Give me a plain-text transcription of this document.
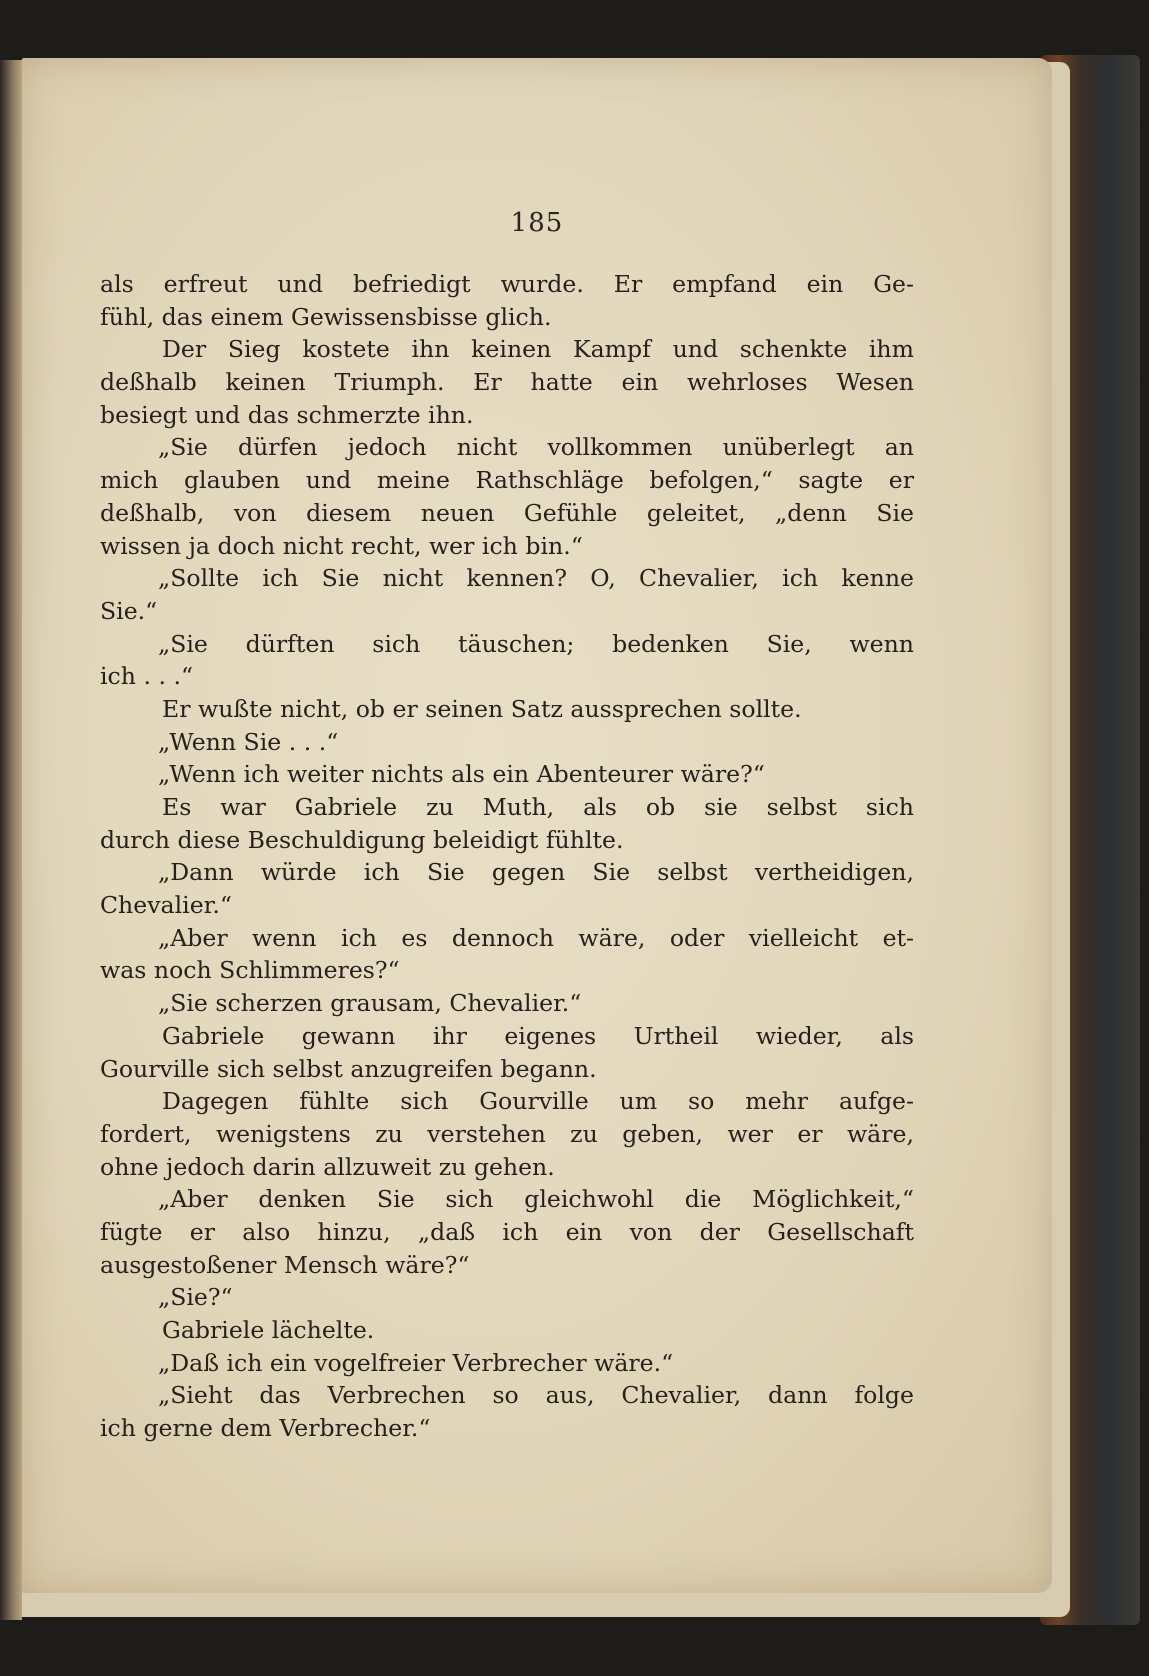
185
als erfreut und befriedigt wurde. Er empfand ein Ge-
fühl, das einem Gewissensbisse glich.
Der Sieg kostete ihn keinen Kampf und schenkte ihm
deßhalb keinen Triumph. Er hatte ein wehrloses Wesen
besiegt und das schmerzte ihn.
„Sie dürfen jedoch nicht vollkommen unüberlegt an
mich glauben und meine Rathschläge befolgen,“ sagte er
deßhalb, von diesem neuen Gefühle geleitet, „denn Sie
wissen ja doch nicht recht, wer ich bin.“
„Sollte ich Sie nicht kennen? O, Chevalier, ich kenne
Sie.“
„Sie dürften sich täuschen; bedenken Sie, wenn
ich . . .“
Er wußte nicht, ob er seinen Satz aussprechen sollte.
„Wenn Sie . . .“
„Wenn ich weiter nichts als ein Abenteurer wäre?“
Es war Gabriele zu Muth, als ob sie selbst sich
durch diese Beschuldigung beleidigt fühlte.
„Dann würde ich Sie gegen Sie selbst vertheidigen,
Chevalier.“
„Aber wenn ich es dennoch wäre, oder vielleicht et-
was noch Schlimmeres?“
„Sie scherzen grausam, Chevalier.“
Gabriele gewann ihr eigenes Urtheil wieder, als
Gourville sich selbst anzugreifen begann.
Dagegen fühlte sich Gourville um so mehr aufge-
fordert, wenigstens zu verstehen zu geben, wer er wäre,
ohne jedoch darin allzuweit zu gehen.
„Aber denken Sie sich gleichwohl die Möglichkeit,“
fügte er also hinzu, „daß ich ein von der Gesellschaft
ausgestoßener Mensch wäre?“
„Sie?“
Gabriele lächelte.
„Daß ich ein vogelfreier Verbrecher wäre.“
„Sieht das Verbrechen so aus, Chevalier, dann folge
ich gerne dem Verbrecher.“
